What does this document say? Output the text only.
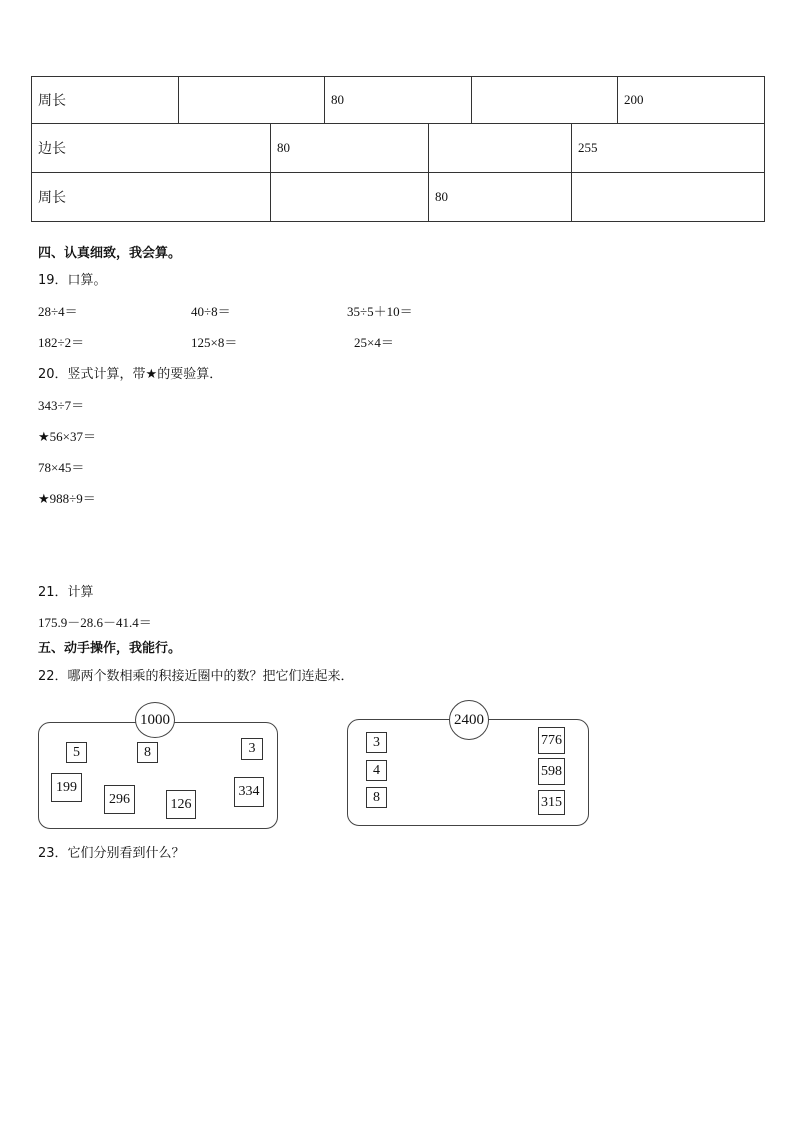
周长		80		200
边长	80		255
周长		80	
四、认真细致，我会算。
19．口算。
28÷4＝	40÷8＝	35÷5＋10＝
182÷2＝	125×8＝	25×4＝
20．竖式计算，带★的要验算．
343÷7＝
★56×37＝
78×45＝
★988÷9＝
21．计算
175.9－28.6－41.4＝
五、动手操作，我能行。
22．哪两个数相乘的积接近圈中的数？把它们连起来．
1000
5	8	3
199
296	126
334
2400
3
4
8
776
598
315
23．它们分别看到什么？
